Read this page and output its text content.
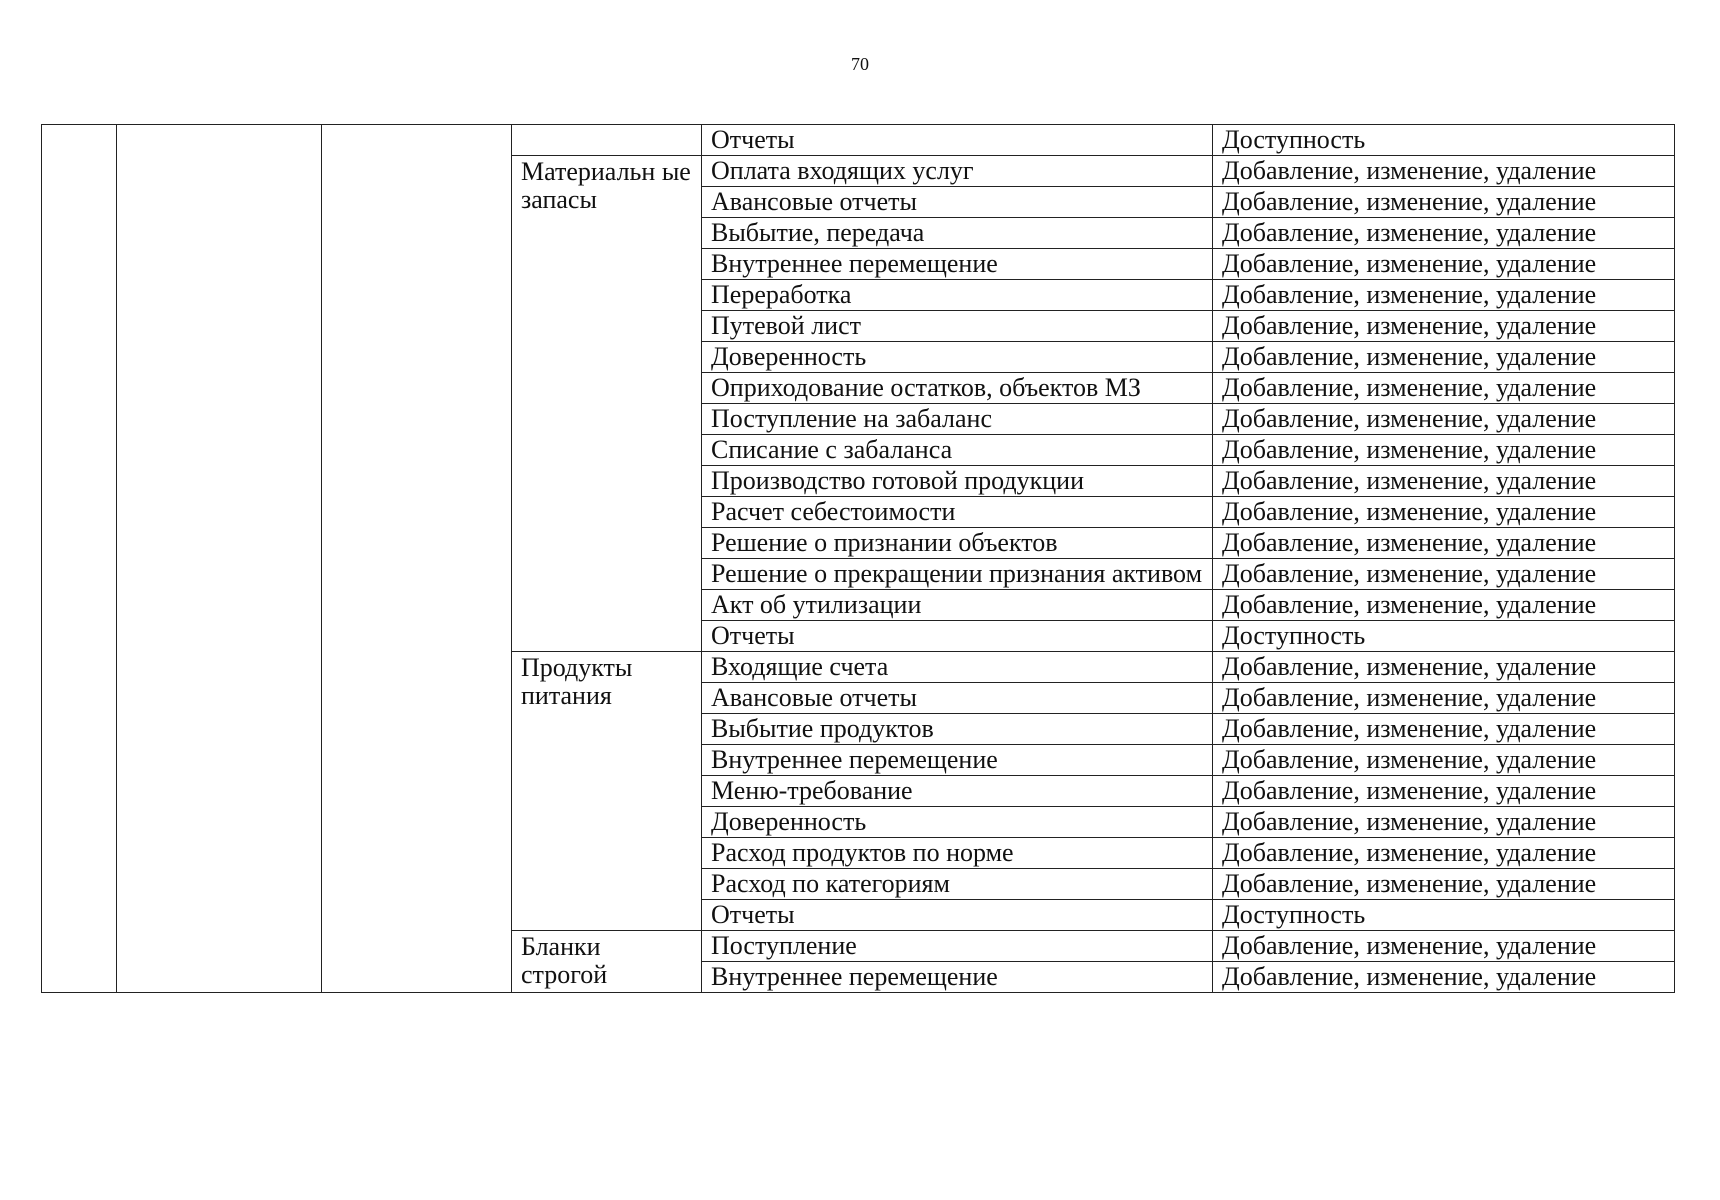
70
				Отчеты	Доступность
			Материальн ые запасы	Оплата входящих услуг	Добавление, изменение, удаление
				Авансовые отчеты	Добавление, изменение, удаление
				Выбытие, передача	Добавление, изменение, удаление
				Внутреннее перемещение	Добавление, изменение, удаление
				Переработка	Добавление, изменение, удаление
				Путевой лист	Добавление, изменение, удаление
				Доверенность	Добавление, изменение, удаление
				Оприходование остатков, объектов МЗ	Добавление, изменение, удаление
				Поступление на забаланс	Добавление, изменение, удаление
				Списание с забаланса	Добавление, изменение, удаление
				Производство готовой продукции	Добавление, изменение, удаление
				Расчет себестоимости	Добавление, изменение, удаление
				Решение о признании объектов	Добавление, изменение, удаление
				Решение о прекращении признания активом	Добавление, изменение, удаление
				Акт об утилизации	Добавление, изменение, удаление
				Отчеты	Доступность
			Продукты питания	Входящие счета	Добавление, изменение, удаление
				Авансовые отчеты	Добавление, изменение, удаление
				Выбытие продуктов	Добавление, изменение, удаление
				Внутреннее перемещение	Добавление, изменение, удаление
				Меню-требование	Добавление, изменение, удаление
				Доверенность	Добавление, изменение, удаление
				Расход продуктов по норме	Добавление, изменение, удаление
				Расход по категориям	Добавление, изменение, удаление
				Отчеты	Доступность
			Бланки строгой	Поступление	Добавление, изменение, удаление
				Внутреннее перемещение	Добавление, изменение, удаление
